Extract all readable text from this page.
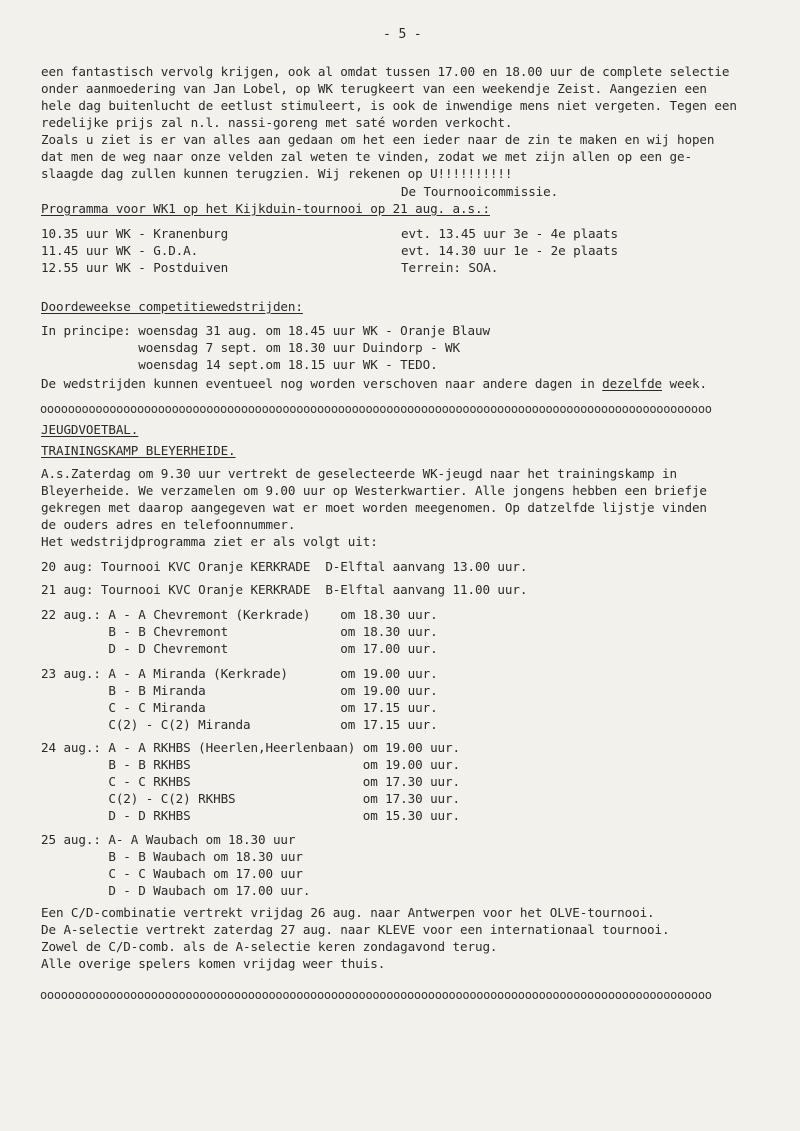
- 5 -
een fantastisch vervolg krijgen, ook al omdat tussen 17.00 en 18.00 uur de complete selectie
onder aanmoedering van Jan Lobel, op WK terugkeert van een weekendje Zeist. Aangezien een
hele dag buitenlucht de eetlust stimuleert, is ook de inwendige mens niet vergeten. Tegen een
redelijke prijs zal n.l. nassi-goreng met saté worden verkocht.
Zoals u ziet is er van alles aan gedaan om het een ieder naar de zin te maken en wij hopen
dat men de weg naar onze velden zal weten te vinden, zodat we met zijn allen op een ge-
slaagde dag zullen kunnen terugzien. Wij rekenen op U!!!!!!!!!!
De Tournooicommissie.
Programma voor WK1 op het Kijkduin-tournooi op 21 aug. a.s.:
10.35 uur WK - Kranenburg	evt. 13.45 uur 3e - 4e plaats
11.45 uur WK - G.D.A.	evt. 14.30 uur 1e - 2e plaats
12.55 uur WK - Postduiven	Terrein: SOA.
Doordeweekse competitiewedstrijden:
In principe: woensdag 31 aug. om 18.45 uur WK - Oranje Blauw
woensdag 7 sept. om 18.30 uur Duindorp - WK
woensdag 14 sept.om 18.15 uur WK - TEDO.
De wedstrijden kunnen eventueel nog worden verschoven naar andere dagen in dezelfde week.
ooooooooooooooooooooooooooooooooooooooooooooooooooooooooooooooooooooooooooooooooooooooooooooooooo
JEUGDVOETBAL.
TRAININGSKAMP BLEYERHEIDE.
A.s.Zaterdag om 9.30 uur vertrekt de geselecteerde WK-jeugd naar het trainingskamp in
Bleyerheide. We verzamelen om 9.00 uur op Westerkwartier. Alle jongens hebben een briefje
gekregen met daarop aangegeven wat er moet worden meegenomen. Op datzelfde lijstje vinden
de ouders adres en telefoonnummer.
Het wedstrijdprogramma ziet er als volgt uit:
20 aug: Tournooi KVC Oranje KERKRADE  D-Elftal aanvang 13.00 uur.
21 aug: Tournooi KVC Oranje KERKRADE  B-Elftal aanvang 11.00 uur.
22 aug.: A - A Chevremont (Kerkrade)    om 18.30 uur.
B - B Chevremont               om 18.30 uur.
D - D Chevremont               om 17.00 uur.
23 aug.: A - A Miranda (Kerkrade)       om 19.00 uur.
B - B Miranda                  om 19.00 uur.
C - C Miranda                  om 17.15 uur.
C(2) - C(2) Miranda            om 17.15 uur.
24 aug.: A - A RKHBS (Heerlen,Heerlenbaan) om 19.00 uur.
B - B RKHBS                       om 19.00 uur.
C - C RKHBS                       om 17.30 uur.
C(2) - C(2) RKHBS                 om 17.30 uur.
D - D RKHBS                       om 15.30 uur.
25 aug.: A- A Waubach om 18.30 uur
B - B Waubach om 18.30 uur
C - C Waubach om 17.00 uur
D - D Waubach om 17.00 uur.
Een C/D-combinatie vertrekt vrijdag 26 aug. naar Antwerpen voor het OLVE-tournooi.
De A-selectie vertrekt zaterdag 27 aug. naar KLEVE voor een internationaal tournooi.
Zowel de C/D-comb. als de A-selectie keren zondagavond terug.
Alle overige spelers komen vrijdag weer thuis.
ooooooooooooooooooooooooooooooooooooooooooooooooooooooooooooooooooooooooooooooooooooooooooooooooo
